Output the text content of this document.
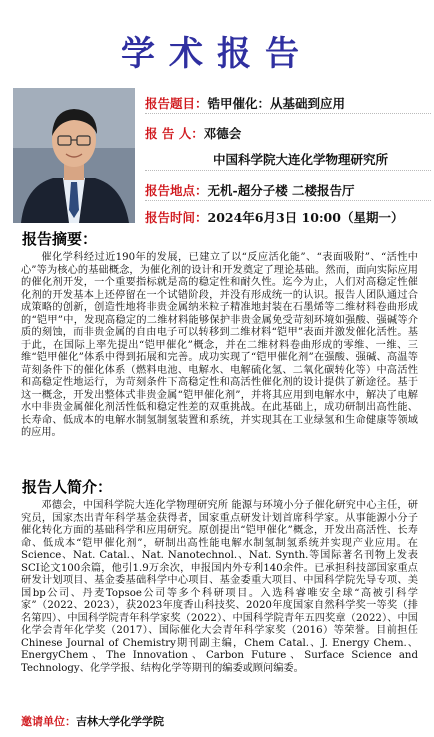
学术报告
报告题目：锆甲催化：从基础到应用
报 告 人：邓德会
中国科学院大连化学物理研究所
报告地点：无机-超分子楼 二楼报告厅
报告时间：2024年6月3日 10:00（星期一）
报告摘要：
催化学科经过近190年的发展，已建立了以“反应活化能”、“表面吸附”、“活性中心”等为核心的基础概念，为催化剂的设计和开发奠定了理论基础。然而，面向实际应用的催化剂开发，一个重要指标就是高的稳定性和耐久性。迄今为止，人们对高稳定性催化剂的开发基本上还停留在一个试错阶段，并没有形成统一的认识。报告人团队通过合成策略的创新，创造性地将非贵金属纳米粒子精准地封装在石墨烯等二维材料卷曲形成的“铠甲”中，发现高稳定的二维材料能够保护非贵金属免受苛刻环境如强酸、强碱等介质的刻蚀，而非贵金属的自由电子可以转移到二维材料“铠甲”表面并激发催化活性。基于此，在国际上率先提出“铠甲催化”概念，并在二维材料卷曲形成的零维、一维、三维“铠甲催化”体系中得到拓展和完善。成功实现了“铠甲催化剂”在强酸、强碱、高温等苛刻条件下的催化体系（燃料电池、电解水、电解硫化氢、二氧化碳转化等）中高活性和高稳定性地运行，为苛刻条件下高稳定性和高活性催化剂的设计提供了新途径。基于这一概念，开发出整体式非贵金属“铠甲催化剂”，并将其应用到电解水中，解决了电解水中非贵金属催化剂活性低和稳定性差的双重挑战。在此基础上，成功研制出高性能、长寿命、低成本的电解水制氢制氢装置和系统，并实现其在工业绿氢和生命健康等领域的应用。
报告人简介：
邓德会，中国科学院大连化学物理研究所 能源与环境小分子催化研究中心主任，研究员，国家杰出青年科学基金获得者，国家重点研发计划首席科学家。从事能源小分子催化转化方面的基础科学和应用研究。原创提出“铠甲催化”概念，开发出高活性、长寿命、低成本“铠甲催化剂”，研制出高性能电解水制氢制氢系统并实现产业应用。在Science、Nat. Catal.、Nat. Nanotechnol.、Nat. Synth.等国际著名刊物上发表SCI论文100余篇，他引1.9万余次，申报国内外专利140余件。已承担科技部国家重点研发计划项目、基金委基础科学中心项目、基金委重大项目、中国科学院先导专项、美国bp公司、丹麦Topsoe公司等多个科研项目。入选科睿唯安全球“高被引科学家”（2022、2023），获2023年度香山科技奖、2020年度国家自然科学奖一等奖（排名第四）、中国科学院青年科学家奖（2022）、中国科学院青年五四奖章（2022）、中国化学会青年化学奖（2017）、国际催化大会青年科学家奖（2016）等荣誉。目前担任Chinese Journal of Chemistry期刊副主编，Chem Catal.、J. Energy Chem.、EnergyChem、The Innovation、Carbon Future、Surface Science and Technology、化学学报、结构化学等期刊的编委或顾问编委。
邀请单位：吉林大学化学学院
